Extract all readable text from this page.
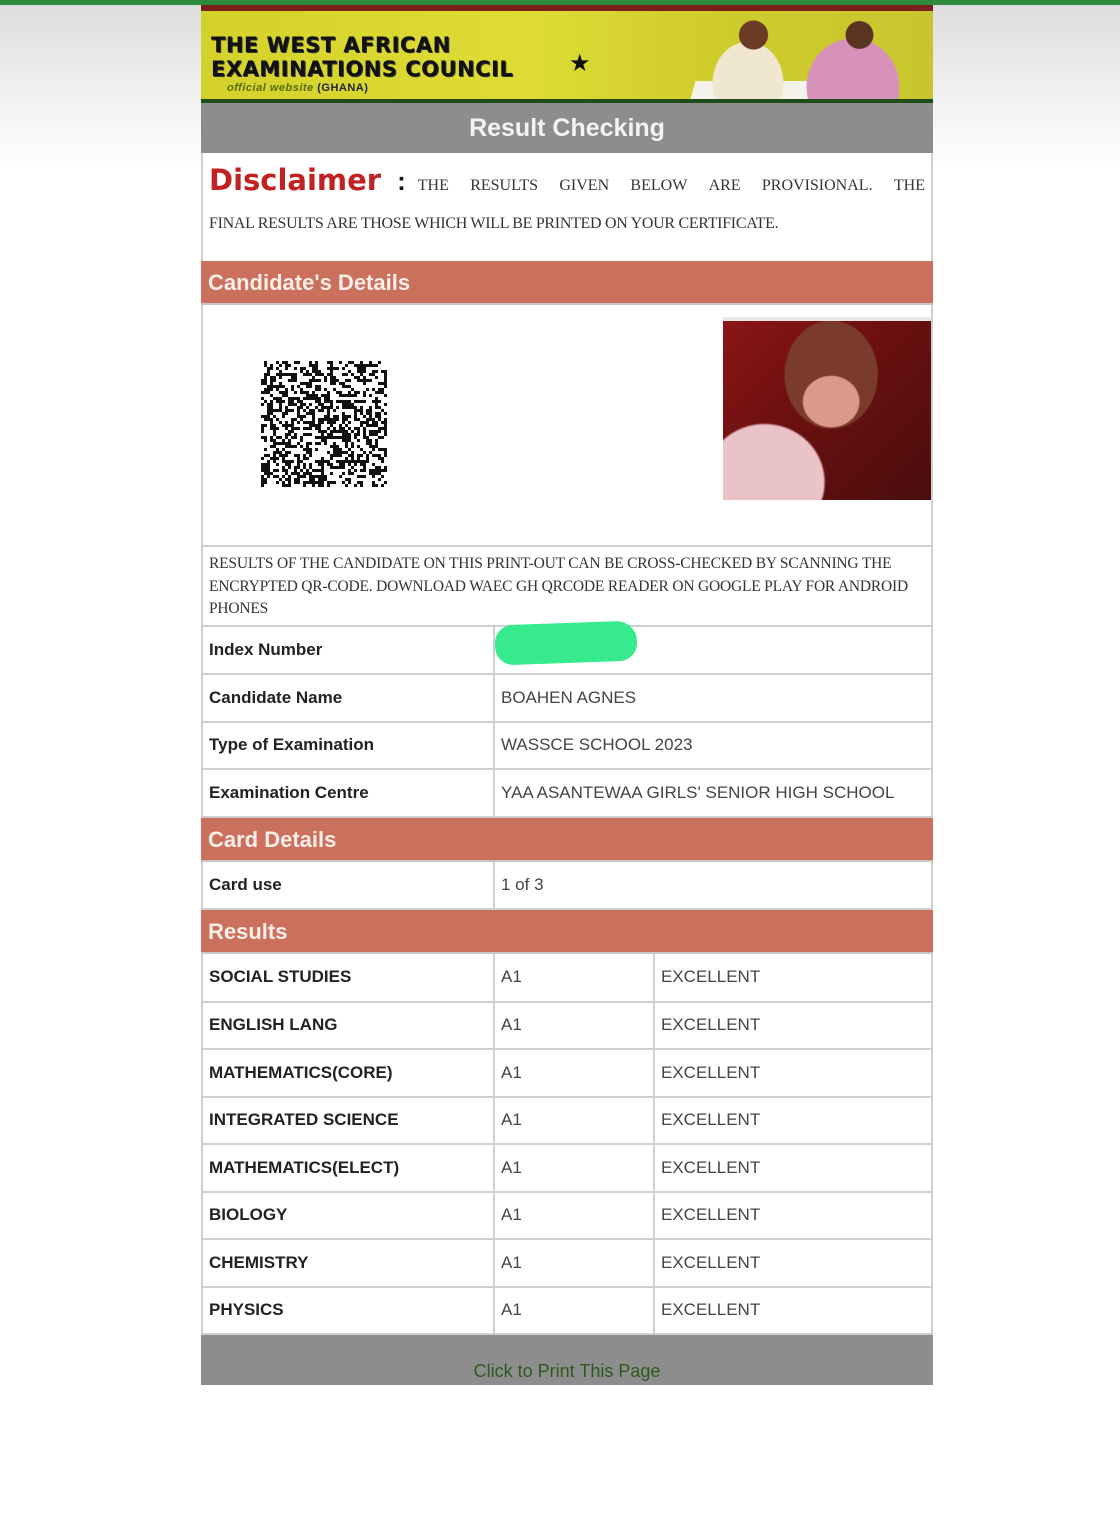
THE WEST AFRICAN
EXAMINATIONS COUNCIL
official website (GHANA)
★
Result Checking
Disclaimer : THE RESULTS GIVEN BELOW ARE PROVISIONAL. THE
FINAL RESULTS ARE THOSE WHICH WILL BE PRINTED ON YOUR CERTIFICATE.
Candidate's Details
RESULTS OF THE CANDIDATE ON THIS PRINT-OUT CAN BE CROSS-CHECKED BY SCANNING THE ENCRYPTED QR-CODE. DOWNLOAD WAEC GH QRCODE READER ON GOOGLE PLAY FOR ANDROID PHONES
Index Number	
Candidate Name	BOAHEN AGNES
Type of Examination	WASSCE SCHOOL 2023
Examination Centre	YAA ASANTEWAA GIRLS' SENIOR HIGH SCHOOL
Card Details
Card use	1 of 3
Results
SOCIAL STUDIES	A1	EXCELLENT
ENGLISH LANG	A1	EXCELLENT
MATHEMATICS(CORE)	A1	EXCELLENT
INTEGRATED SCIENCE	A1	EXCELLENT
MATHEMATICS(ELECT)	A1	EXCELLENT
BIOLOGY	A1	EXCELLENT
CHEMISTRY	A1	EXCELLENT
PHYSICS	A1	EXCELLENT
Click to Print This Page
